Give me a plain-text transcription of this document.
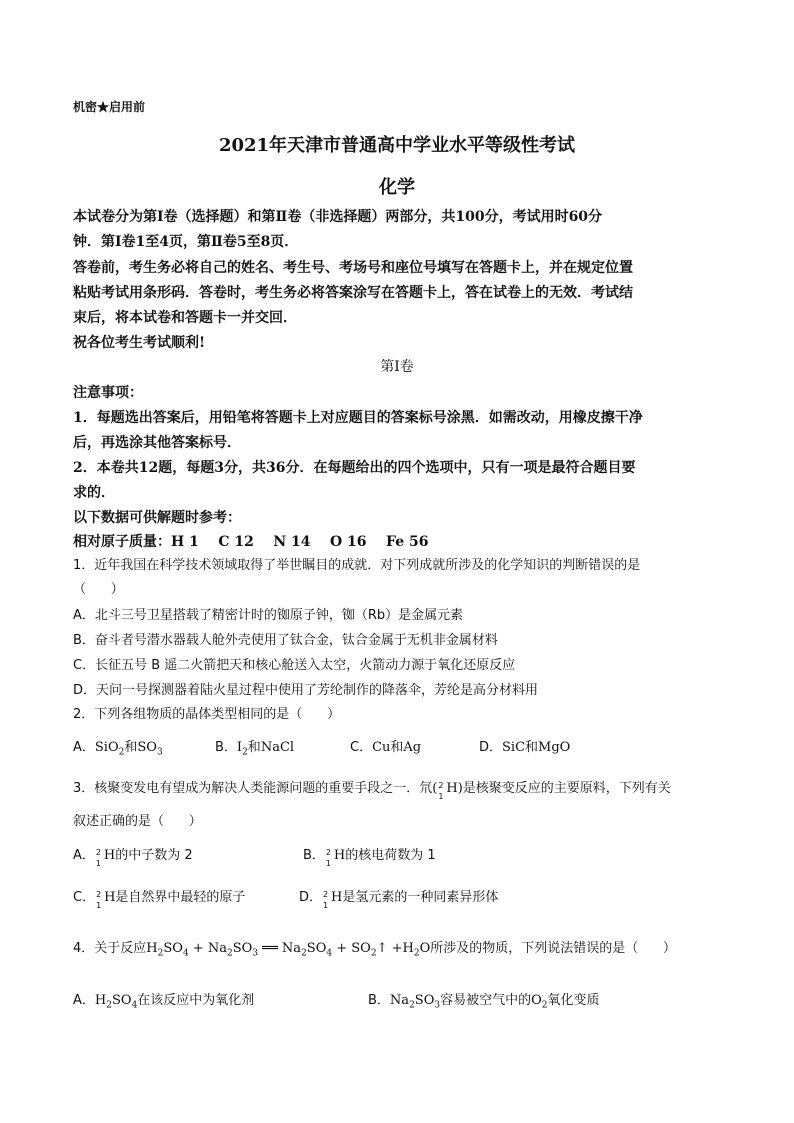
机密★启用前
2021年天津市普通高中学业水平等级性考试
化学
本试卷分为第Ⅰ卷（选择题）和第Ⅱ卷（非选择题）两部分，共100分，考试用时60分
钟．第Ⅰ卷1至4页，第Ⅱ卷5至8页．
答卷前，考生务必将自己的姓名、考生号、考场号和座位号填写在答题卡上，并在规定位置
粘贴考试用条形码．答卷时，考生务必将答案涂写在答题卡上，答在试卷上的无效．考试结
束后，将本试卷和答题卡一并交回．
祝各位考生考试顺利!
第Ⅰ卷
注意事项：
1．每题选出答案后，用铅笔将答题卡上对应题目的答案标号涂黑．如需改动，用橡皮擦干净
后，再选涂其他答案标号．
2．本卷共12题，每题3分，共36分．在每题给出的四个选项中，只有一项是最符合题目要
求的．
以下数据可供解题时参考：
相对原子质量：H 1    C 12    N 14    O 16    Fe 56
1．近年我国在科学技术领域取得了举世瞩目的成就．对下列成就所涉及的化学知识的判断错误的是
（      ）
A．北斗三号卫星搭载了精密计时的铷原子钟，铷（Rb）是金属元素
B．奋斗者号潜水器载人舱外壳使用了钛合金，钛合金属于无机非金属材料
C．长征五号 B 遥二火箭把天和核心舱送入太空，火箭动力源于氧化还原反应
D．天问一号探测器着陆火星过程中使用了芳纶制作的降落伞，芳纶是高分材料用
2．下列各组物质的晶体类型相同的是（      ）
A．SiO$_2$和$SO_3$	B．$I_2$和NaCl	C．Cu和Ag	D．SiC和MgO
3．核聚变发电有望成为解决人类能源问题的重要手段之一．氘( 2
1
H)是核聚变反应的主要原料，下列有关
叙述正确的是（      ）
A． 2
1
H的中子数为 2	B． 2
1
H的核电荷数为 1
C． 2
1
H是自然界中最轻的原子	D． 2
1
H是氢元素的一种同素异形体
4．关于反应$H_2SO_4 + Na_2SO_3$ ══ $Na_2SO_4$ + $SO_2↑ +H_2O$所涉及的物质，下列说法错误的是（      ）
A．$H_2SO_4$在该反应中为氧化剂	B．$Na_2SO_3$容易被空气中的$O_2$氧化变质
